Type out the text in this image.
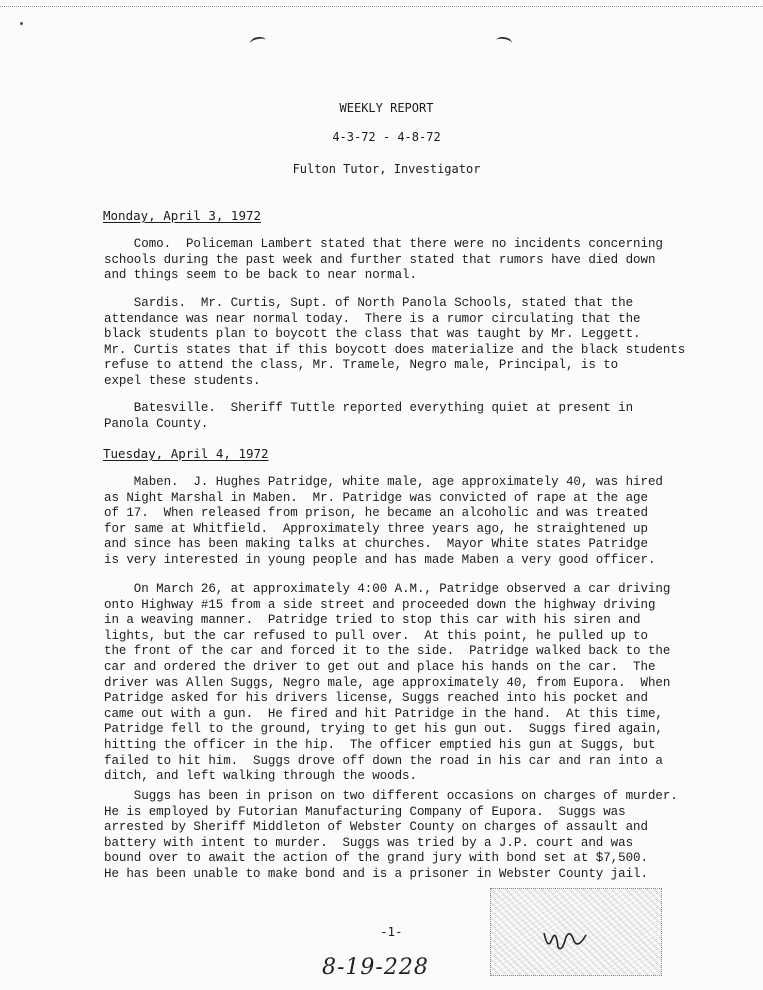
WEEKLY REPORT
4-3-72 - 4-8-72
Fulton Tutor, Investigator
Monday, April 3, 1972
Como.  Policeman Lambert stated that there were no incidents concerning
schools during the past week and further stated that rumors have died down
and things seem to be back to near normal.
Sardis.  Mr. Curtis, Supt. of North Panola Schools, stated that the
attendance was near normal today.  There is a rumor circulating that the
black students plan to boycott the class that was taught by Mr. Leggett.
Mr. Curtis states that if this boycott does materialize and the black students
refuse to attend the class, Mr. Tramele, Negro male, Principal, is to
expel these students.
Batesville.  Sheriff Tuttle reported everything quiet at present in
Panola County.
Tuesday, April 4, 1972
Maben.  J. Hughes Patridge, white male, age approximately 40, was hired
as Night Marshal in Maben.  Mr. Patridge was convicted of rape at the age
of 17.  When released from prison, he became an alcoholic and was treated
for same at Whitfield.  Approximately three years ago, he straightened up
and since has been making talks at churches.  Mayor White states Patridge
is very interested in young people and has made Maben a very good officer.
On March 26, at approximately 4:00 A.M., Patridge observed a car driving
onto Highway #15 from a side street and proceeded down the highway driving
in a weaving manner.  Patridge tried to stop this car with his siren and
lights, but the car refused to pull over.  At this point, he pulled up to
the front of the car and forced it to the side.  Patridge walked back to the
car and ordered the driver to get out and place his hands on the car.  The
driver was Allen Suggs, Negro male, age approximately 40, from Eupora.  When
Patridge asked for his drivers license, Suggs reached into his pocket and
came out with a gun.  He fired and hit Patridge in the hand.  At this time,
Patridge fell to the ground, trying to get his gun out.  Suggs fired again,
hitting the officer in the hip.  The officer emptied his gun at Suggs, but
failed to hit him.  Suggs drove off down the road in his car and ran into a
ditch, and left walking through the woods.
Suggs has been in prison on two different occasions on charges of murder.
He is employed by Futorian Manufacturing Company of Eupora.  Suggs was
arrested by Sheriff Middleton of Webster County on charges of assault and
battery with intent to murder.  Suggs was tried by a J.P. court and was
bound over to await the action of the grand jury with bond set at $7,500.
He has been unable to make bond and is a prisoner in Webster County jail.
-1-
8-19-228
